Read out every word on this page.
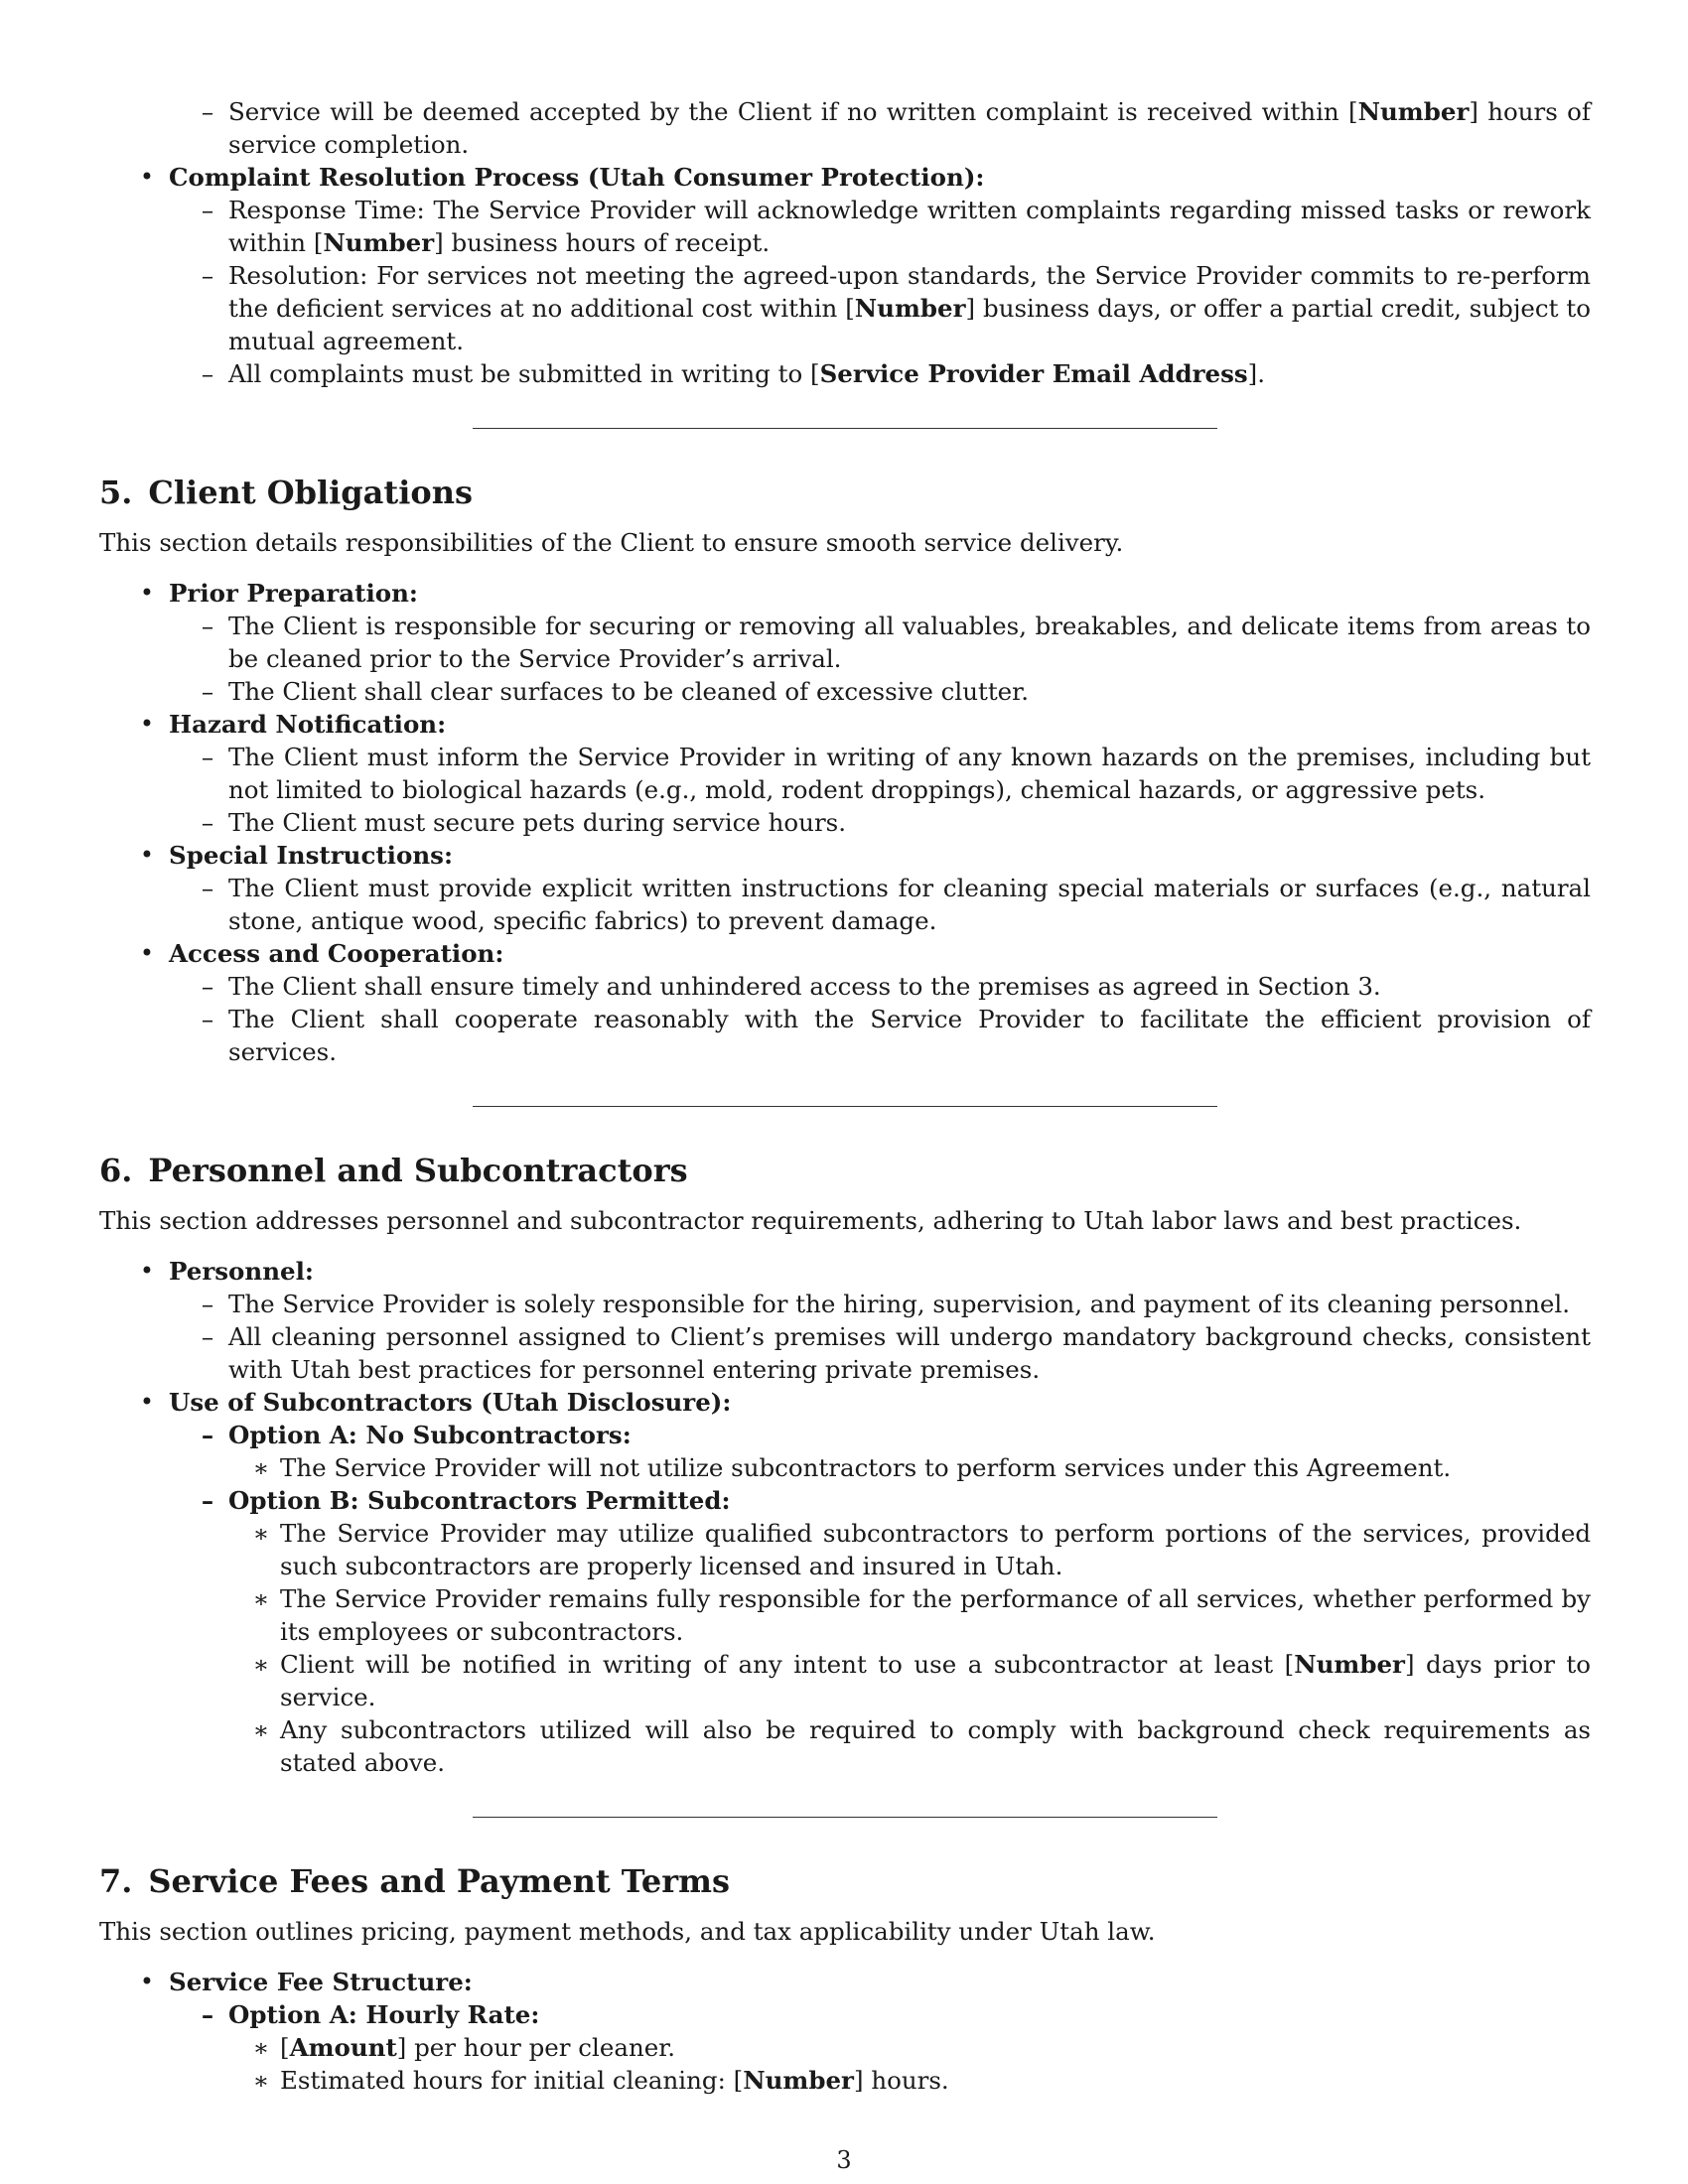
– Service will be deemed accepted by the Client if no written complaint is received within [Number] hours of service completion.
• Complaint Resolution Process (Utah Consumer Protection):
– Response Time: The Service Provider will acknowledge written complaints regarding missed tasks or rework within [Number] business hours of receipt.
– Resolution: For services not meeting the agreed-upon standards, the Service Provider commits to re-perform the deficient services at no additional cost within [Number] business days, or offer a partial credit, subject to mutual agreement.
– All complaints must be submitted in writing to [Service Provider Email Address].
5. Client Obligations
This section details responsibilities of the Client to ensure smooth service delivery.
• Prior Preparation:
– The Client is responsible for securing or removing all valuables, breakables, and delicate items from areas to be cleaned prior to the Service Provider’s arrival.
– The Client shall clear surfaces to be cleaned of excessive clutter.
• Hazard Notification:
– The Client must inform the Service Provider in writing of any known hazards on the premises, including but not limited to biological hazards (e.g., mold, rodent droppings), chemical hazards, or aggressive pets.
– The Client must secure pets during service hours.
• Special Instructions:
– The Client must provide explicit written instructions for cleaning special materials or surfaces (e.g., natural stone, antique wood, specific fabrics) to prevent damage.
• Access and Cooperation:
– The Client shall ensure timely and unhindered access to the premises as agreed in Section 3.
– The Client shall cooperate reasonably with the Service Provider to facilitate the efficient provision of services.
6. Personnel and Subcontractors
This section addresses personnel and subcontractor requirements, adhering to Utah labor laws and best practices.
• Personnel:
– The Service Provider is solely responsible for the hiring, supervision, and payment of its cleaning personnel.
– All cleaning personnel assigned to Client’s premises will undergo mandatory background checks, consistent with Utah best practices for personnel entering private premises.
• Use of Subcontractors (Utah Disclosure):
– Option A: No Subcontractors:
∗ The Service Provider will not utilize subcontractors to perform services under this Agreement.
– Option B: Subcontractors Permitted:
∗ The Service Provider may utilize qualified subcontractors to perform portions of the services, provided such subcontractors are properly licensed and insured in Utah.
∗ The Service Provider remains fully responsible for the performance of all services, whether performed by its employees or subcontractors.
∗ Client will be notified in writing of any intent to use a subcontractor at least [Number] days prior to service.
∗ Any subcontractors utilized will also be required to comply with background check requirements as stated above.
7. Service Fees and Payment Terms
This section outlines pricing, payment methods, and tax applicability under Utah law.
• Service Fee Structure:
– Option A: Hourly Rate:
∗ [Amount] per hour per cleaner.
∗ Estimated hours for initial cleaning: [Number] hours.
3
